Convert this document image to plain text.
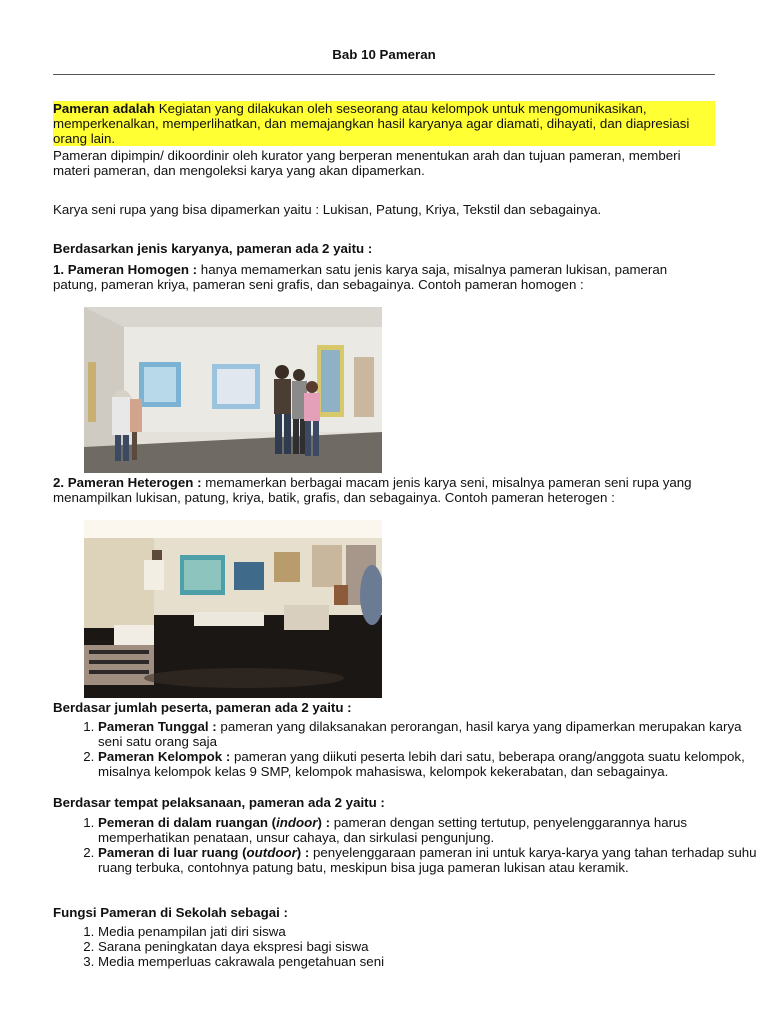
Bab 10 Pameran
Pameran adalah Kegiatan yang dilakukan oleh seseorang atau kelompok untuk mengomunikasikan, memperkenalkan, memperlihatkan, dan memajangkan hasil karyanya agar diamati, dihayati, dan diapresiasi orang lain.

Pameran dipimpin/ dikoordinir oleh kurator yang berperan menentukan arah dan tujuan pameran, memberi materi pameran, dan mengoleksi karya yang akan dipamerkan.

Karya seni rupa yang bisa dipamerkan yaitu : Lukisan, Patung, Kriya, Tekstil dan sebagainya.

Berdasarkan jenis karyanya, pameran ada 2 yaitu :

1. Pameran Homogen : hanya memamerkan satu jenis karya saja, misalnya pameran lukisan, pameran patung, pameran kriya, pameran seni grafis, dan sebagainya. Contoh pameran homogen :

2. Pameran Heterogen : memamerkan berbagai macam jenis karya seni, misalnya pameran seni rupa yang menampilkan lukisan, patung, kriya, batik, grafis, dan sebagainya. Contoh pameran heterogen :

Berdasar jumlah peserta, pameran ada 2 yaitu :

1. Pameran Tunggal : pameran yang dilaksanakan perorangan, hasil karya yang dipamerkan merupakan karya seni satu orang saja
2. Pameran Kelompok : pameran yang diikuti peserta lebih dari satu, beberapa orang/anggota suatu kelompok, misalnya kelompok kelas 9 SMP, kelompok mahasiswa, kelompok kekerabatan, dan sebagainya.

Berdasar tempat pelaksanaan, pameran ada 2 yaitu :

1. Pemeran di dalam ruangan (indoor) : pameran dengan setting tertutup, penyelenggarannya harus memperhatikan penataan, unsur cahaya, dan sirkulasi pengunjung.
2. Pameran di luar ruang (outdoor) : penyelenggaraan pameran ini untuk karya-karya yang tahan terhadap suhu ruang terbuka, contohnya patung batu, meskipun bisa juga pameran lukisan atau keramik.

Fungsi Pameran di Sekolah sebagai :

1. Media penampilan jati diri siswa
2. Sarana peningkatan daya ekspresi bagi siswa
3. Media memperluas cakrawala pengetahuan seni
